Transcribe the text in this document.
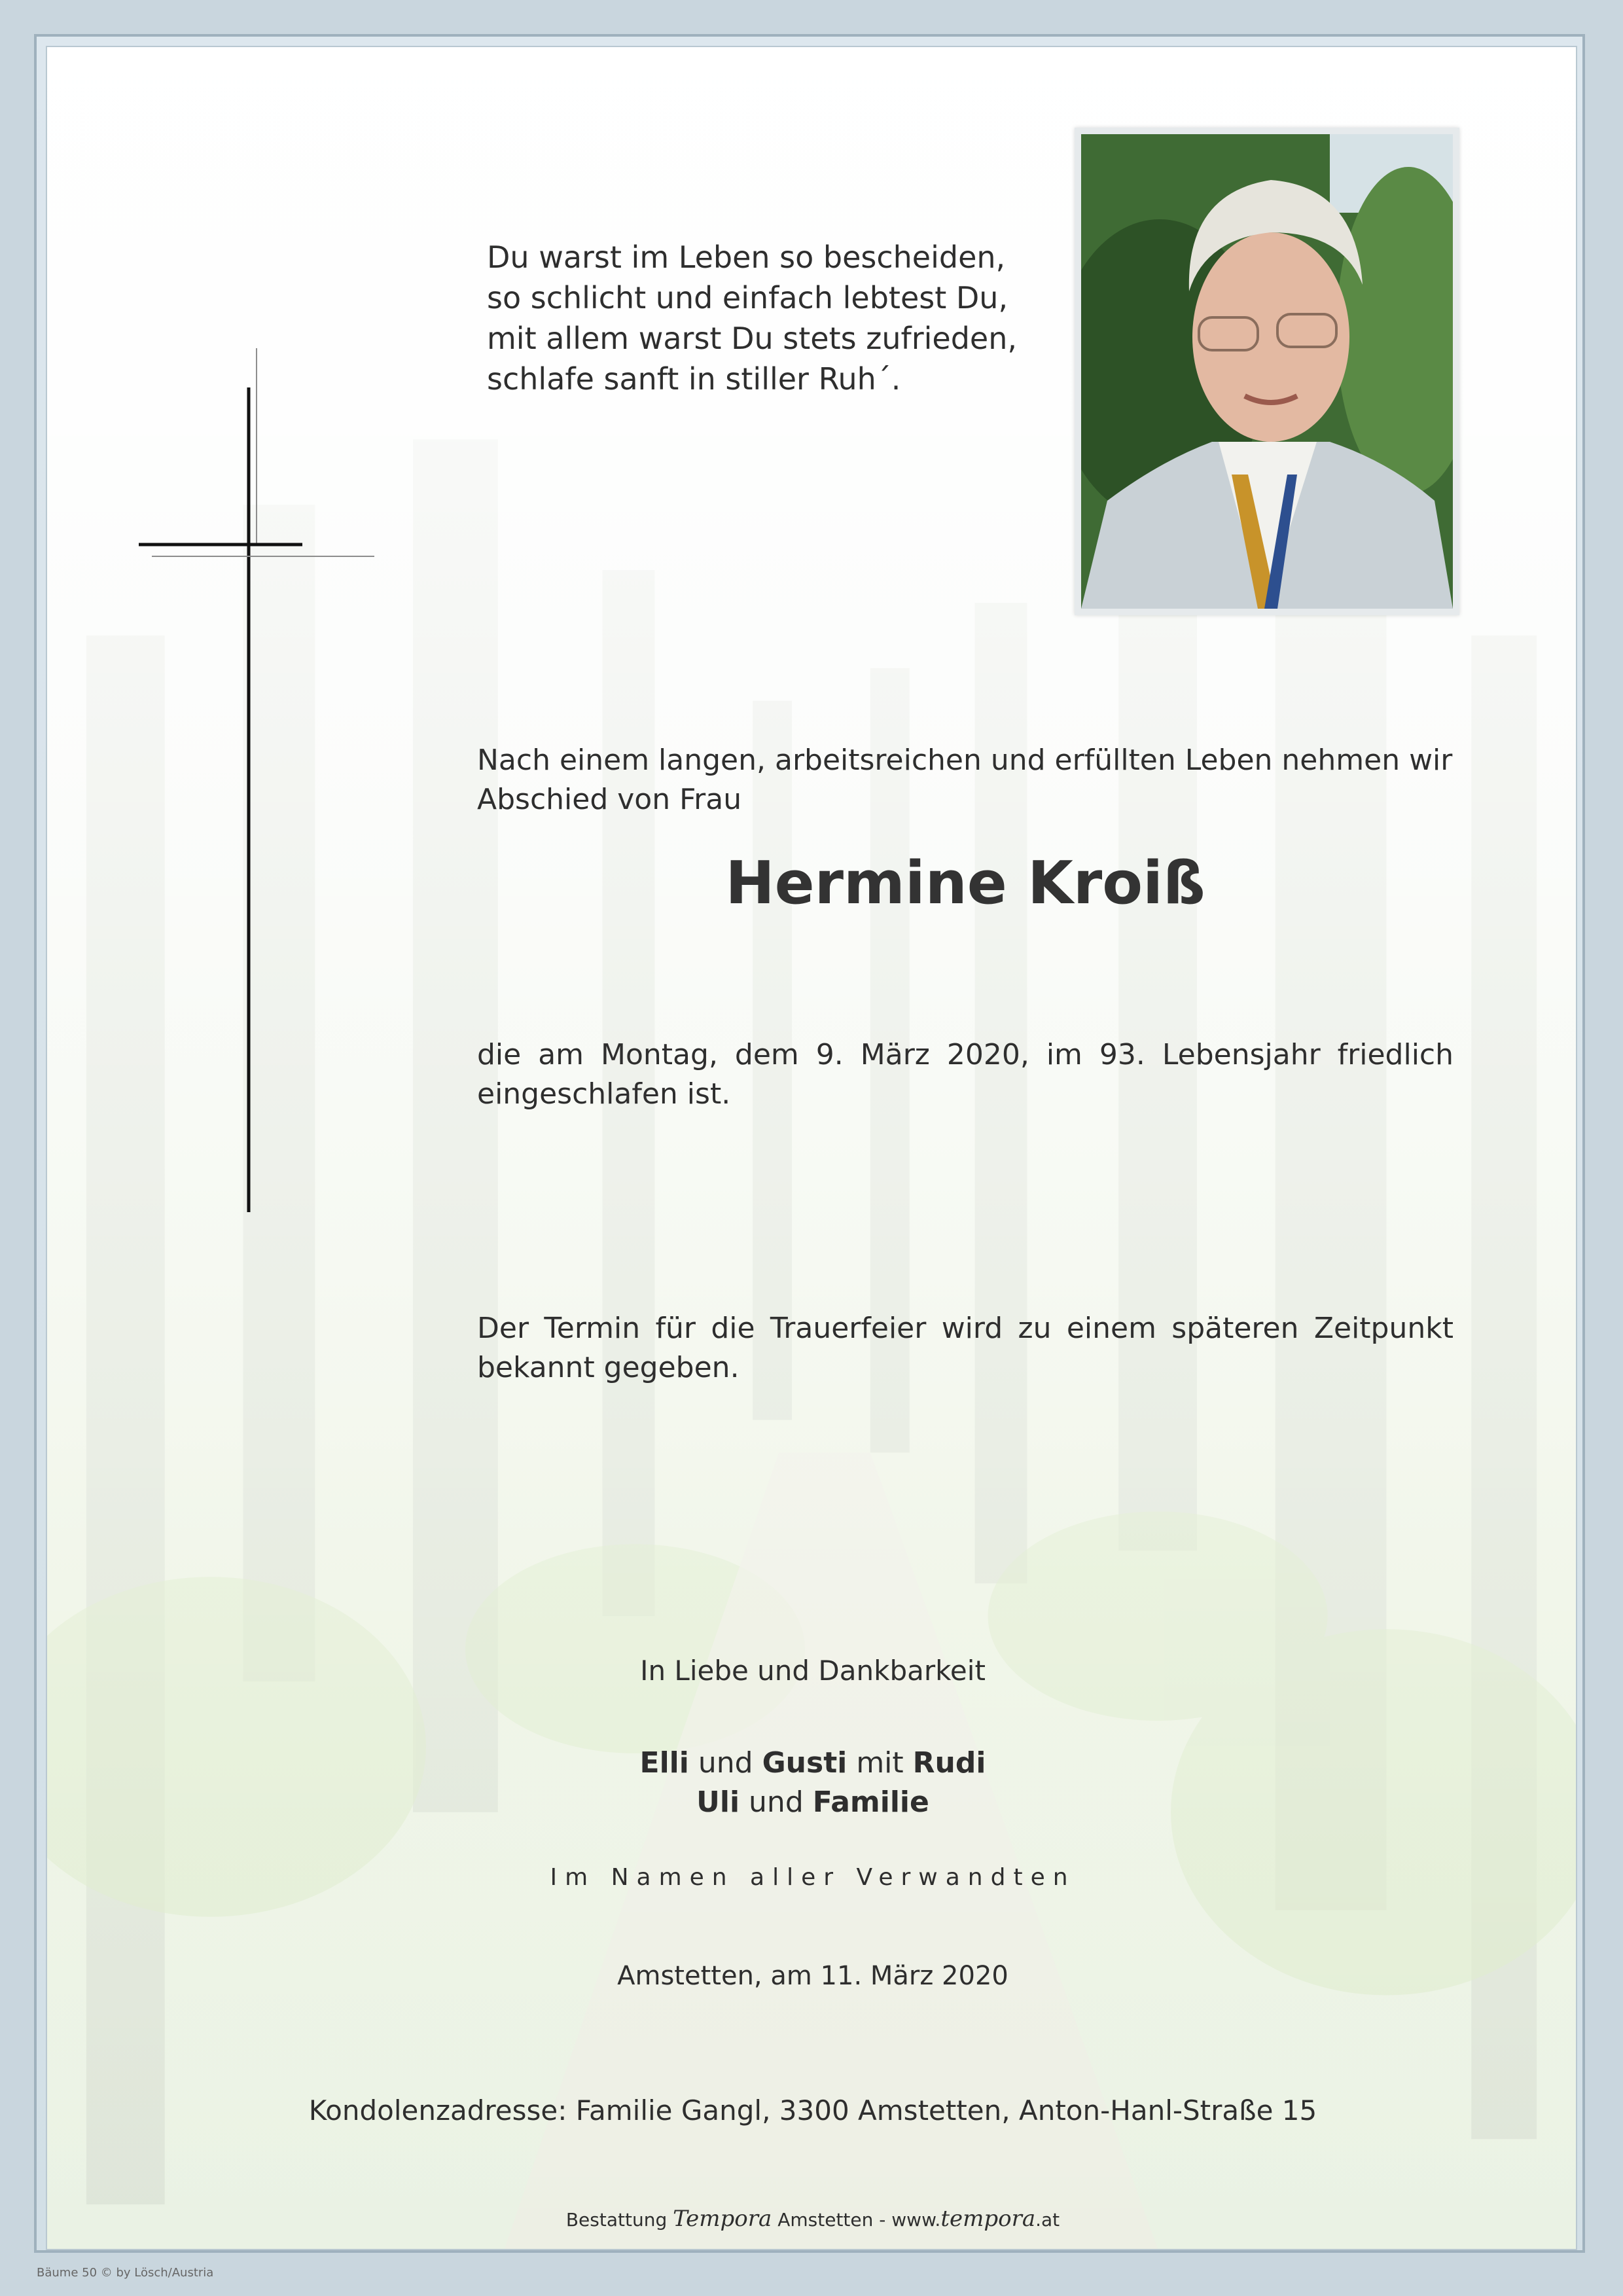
Du warst im Leben so bescheiden,
so schlicht und einfach lebtest Du,
mit allem warst Du stets zufrieden,
schlafe sanft in stiller Ruh´.
Nach einem langen, arbeitsreichen und erfüllten Leben nehmen wir Abschied von Frau
Hermine Kroiß
die am Montag, dem 9. März 2020, im 93. Lebensjahr friedlich eingeschlafen ist.
Der Termin für die Trauerfeier wird zu einem späteren Zeitpunkt bekannt gegeben.
In Liebe und Dankbarkeit
Elli und Gusti mit Rudi
Uli und Familie
Im Namen aller Verwandten
Amstetten, am 11. März 2020
Kondolenzadresse: Familie Gangl, 3300 Amstetten, Anton-Hanl-Straße 15
Bestattung Tempora Amstetten - www.tempora.at
Bäume 50 © by Lösch/Austria
